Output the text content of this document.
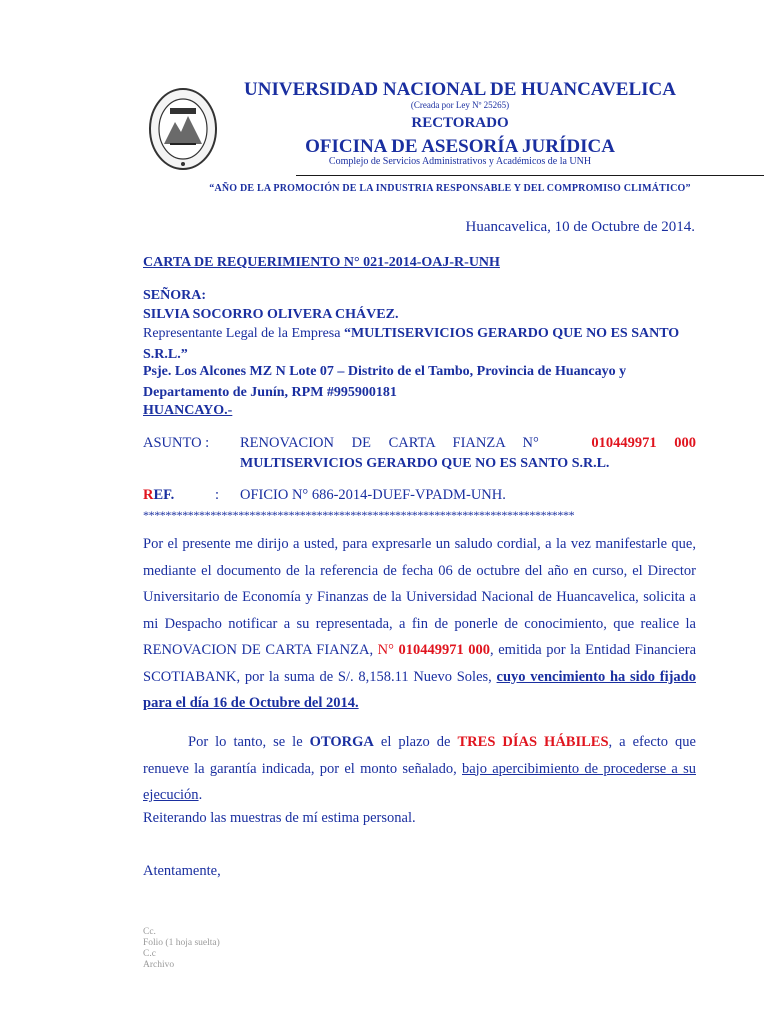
UNIVERSIDAD NACIONAL DE HUANCAVELICA
(Creada por Ley Nº 25265)
RECTORADO
OFICINA DE ASESORÍA JURÍDICA
Complejo de Servicios Administrativos y Académicos de la UNH
“AÑO DE LA PROMOCIÓN DE LA INDUSTRIA RESPONSABLE Y DEL COMPROMISO CLIMÁTICO”
Huancavelica, 10 de Octubre de 2014.
CARTA DE REQUERIMIENTO N° 021-2014-OAJ-R-UNH
SEÑORA:
SILVIA SOCORRO OLIVERA CHÁVEZ.
Representante Legal de la Empresa “MULTISERVICIOS GERARDO QUE NO ES SANTO S.R.L.”
Psje. Los Alcones MZ N Lote 07 – Distrito de el Tambo, Provincia de Huancayo y Departamento de Junín, RPM #995900181
HUANCAYO.-
ASUNTO : RENOVACION DE CARTA FIANZA N°	010449971 000
MULTISERVICIOS GERARDO QUE NO ES SANTO S.R.L.
REF.	: OFICIO N° 686-2014-DUEF-VPADM-UNH.
*****************************************************************************
Por el presente me dirijo a usted, para expresarle un saludo cordial, a la vez manifestarle que, mediante el documento de la referencia de fecha 06 de octubre del año en curso, el Director Universitario de Economía y Finanzas de la Universidad Nacional de Huancavelica, solicita a mi Despacho notificar a su representada, a fin de ponerle de conocimiento, que realice la RENOVACION DE CARTA FIANZA, N° 010449971 000, emitida por la Entidad Financiera SCOTIABANK, por la suma de S/. 8,158.11 Nuevo Soles, cuyo vencimiento ha sido fijado para el día 16 de Octubre del 2014.
Por lo tanto, se le OTORGA el plazo de TRES DÍAS HÁBILES, a efecto que renueve la garantía indicada, por el monto señalado, bajo apercibimiento de procederse a su ejecución.
Reiterando las muestras de mí estima personal.
Atentamente,
Cc.
Folio (1 hoja suelta)
C.c
Archivo
